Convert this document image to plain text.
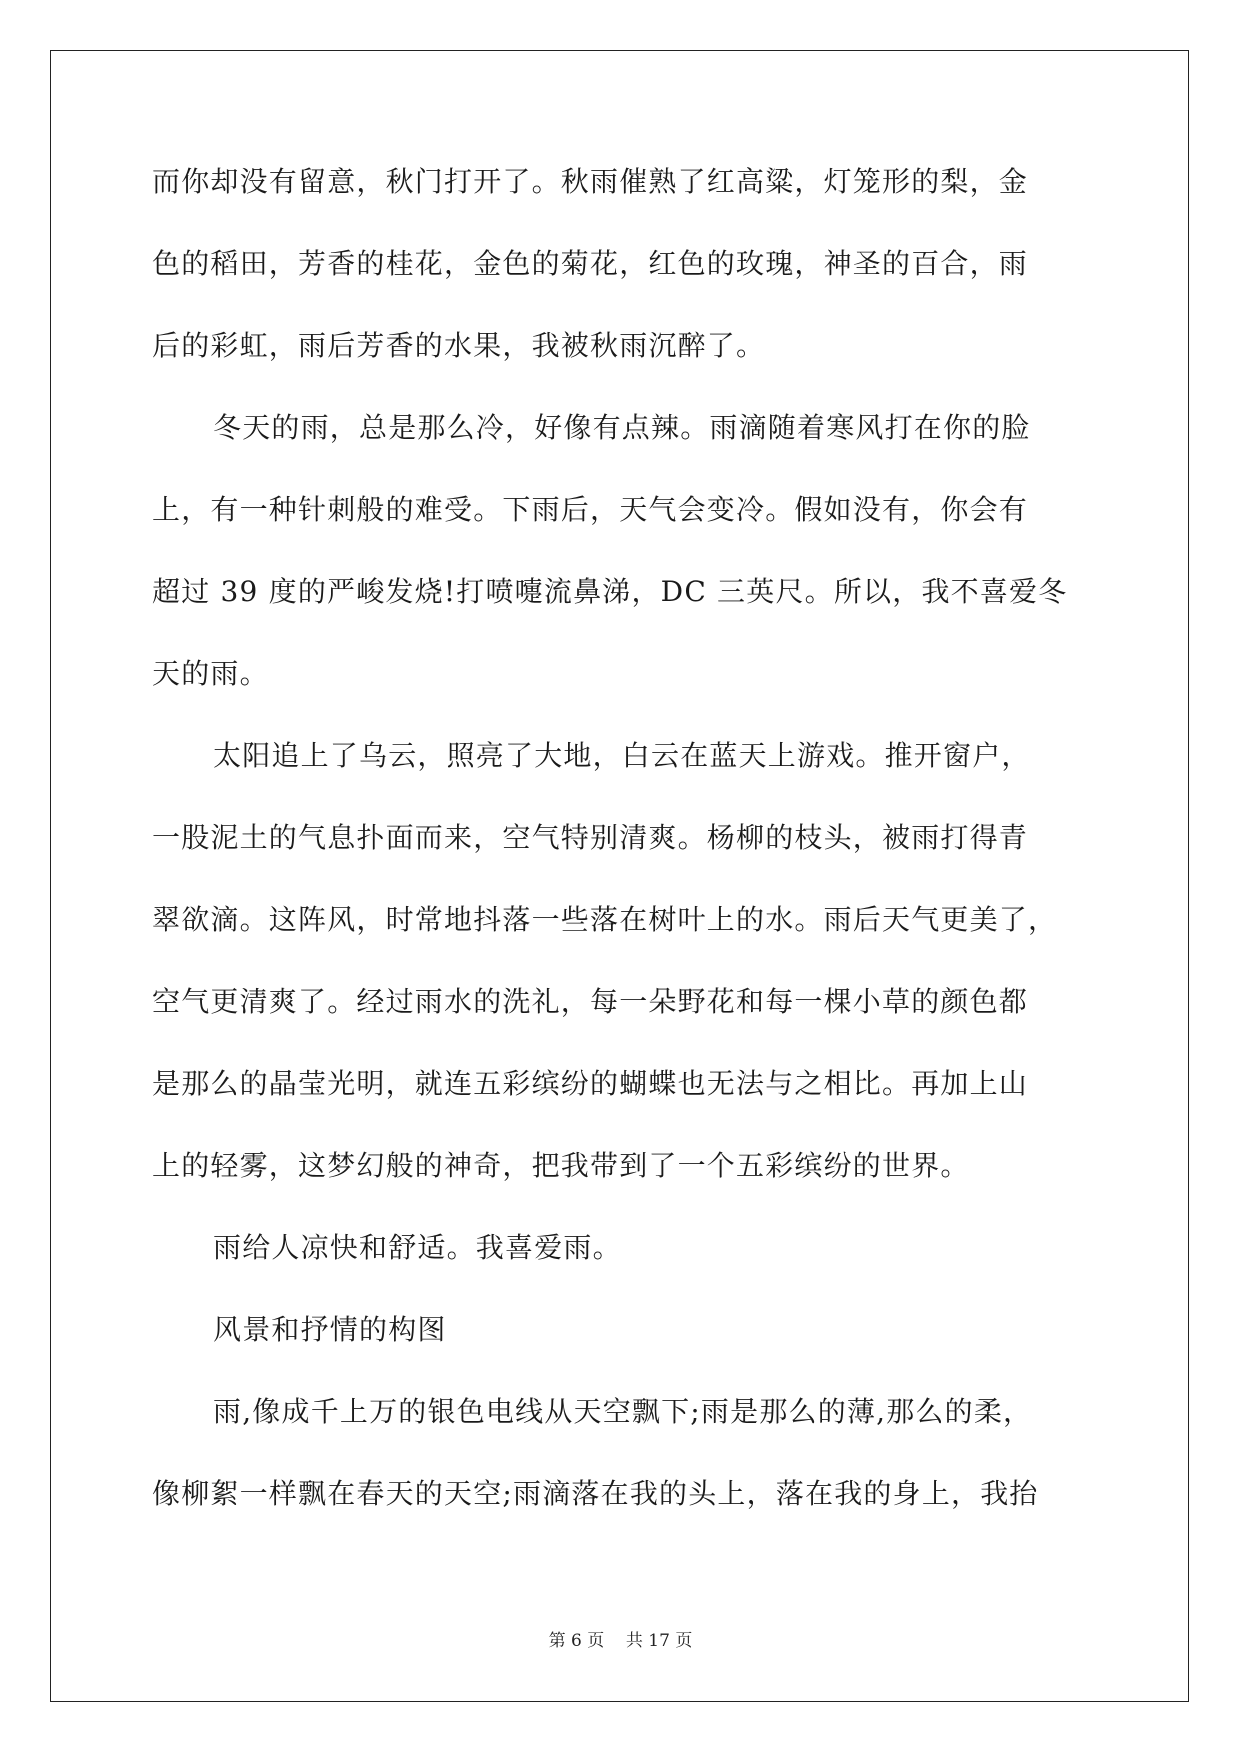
而你却没有留意，秋门打开了。秋雨催熟了红高粱，灯笼形的梨，金
色的稻田，芳香的桂花，金色的菊花，红色的玫瑰，神圣的百合，雨
后的彩虹，雨后芳香的水果，我被秋雨沉醉了。
冬天的雨，总是那么冷，好像有点辣。雨滴随着寒风打在你的脸
上，有一种针刺般的难受。下雨后，天气会变冷。假如没有，你会有
超过 39 度的严峻发烧!打喷嚏流鼻涕，DC 三英尺。所以，我不喜爱冬
天的雨。
太阳追上了乌云，照亮了大地，白云在蓝天上游戏。推开窗户，
一股泥土的气息扑面而来，空气特别清爽。杨柳的枝头，被雨打得青
翠欲滴。这阵风，时常地抖落一些落在树叶上的水。雨后天气更美了，
空气更清爽了。经过雨水的洗礼，每一朵野花和每一棵小草的颜色都
是那么的晶莹光明，就连五彩缤纷的蝴蝶也无法与之相比。再加上山
上的轻雾，这梦幻般的神奇，把我带到了一个五彩缤纷的世界。
雨给人凉快和舒适。我喜爱雨。
风景和抒情的构图
雨,像成千上万的银色电线从天空飘下;雨是那么的薄,那么的柔，
像柳絮一样飘在春天的天空;雨滴落在我的头上，落在我的身上，我抬
第 6 页    共 17 页
